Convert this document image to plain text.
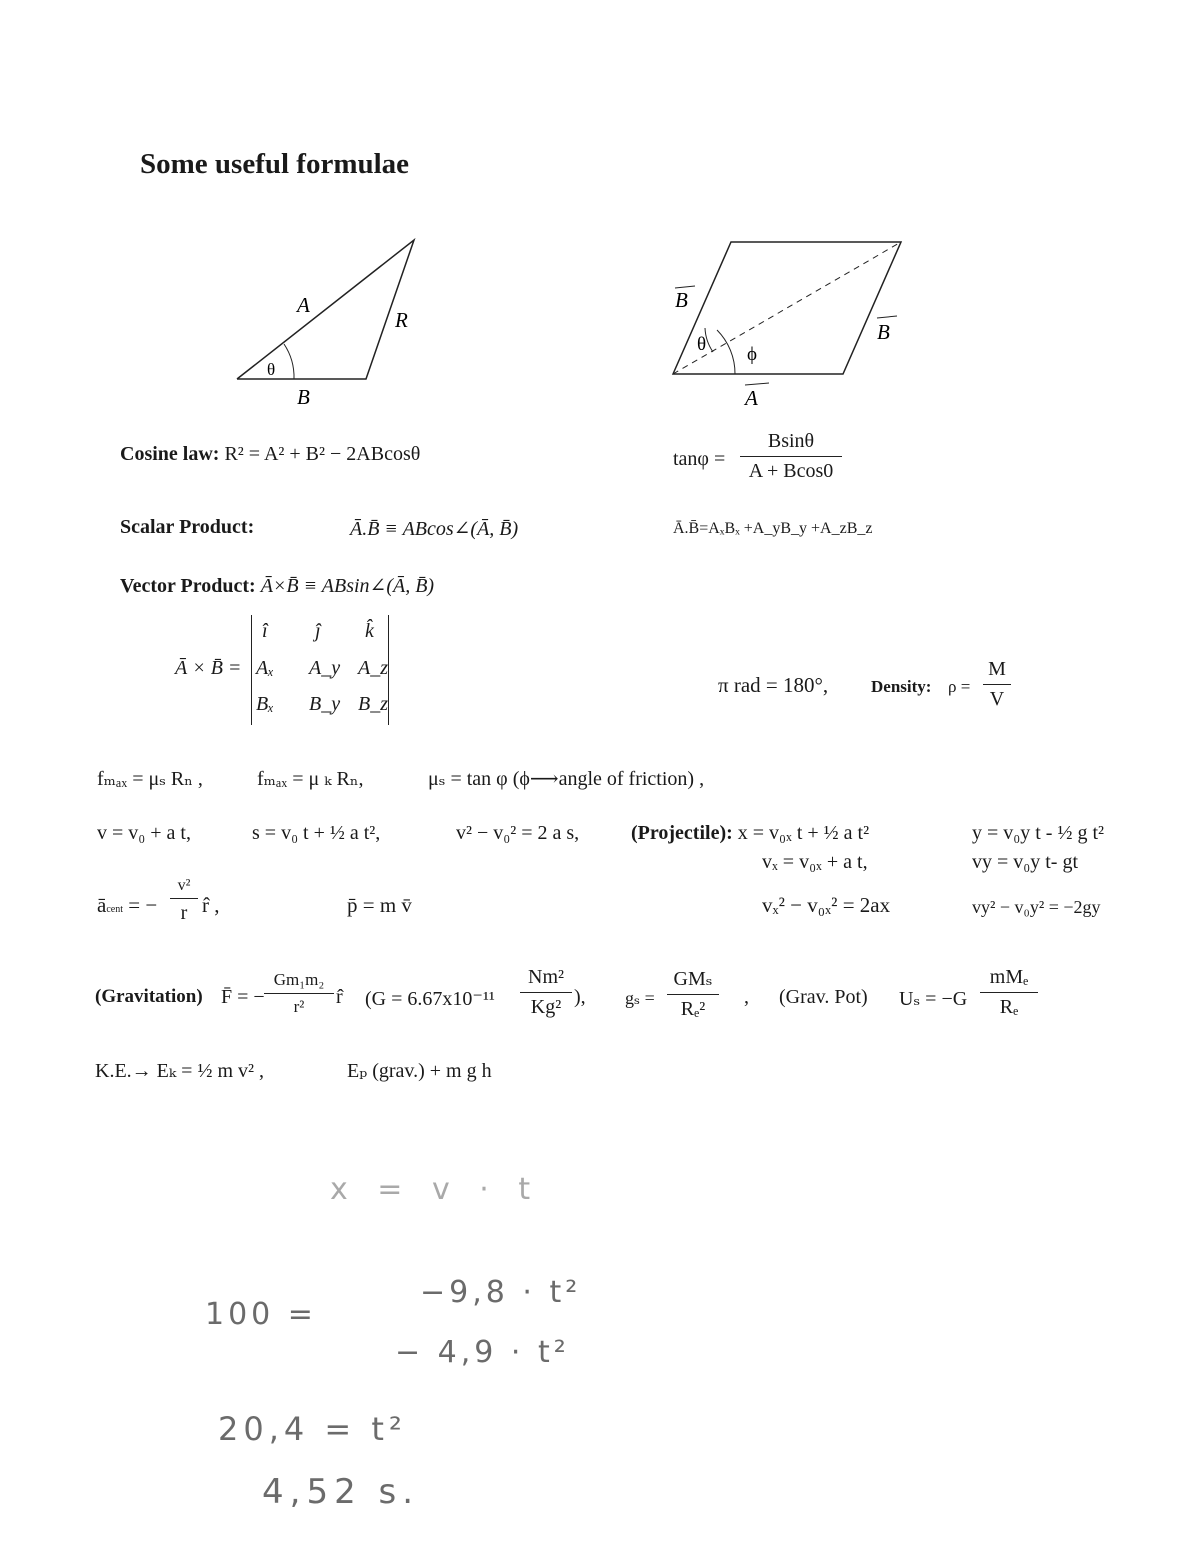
Some useful formulae
A
R
θ
B
B
B
θ ϕ
A
Cosine law: R² = A² + B² − 2ABcosθ	$\tan\varphi = \frac{Bsin\theta}{A + Bcos0}$
Scalar Product:	Ā.B̄ ≡ ABcos∠(Ā, B̄)	Ā.B̄=AₓBₓ +A_yB_y +A_zB_z
Vector Product: Ā×B̄ ≡ ABsin∠(Ā, B̄)
Ā × B̄ =
î ĵ k̂
Aₓ A_y A_z
Bₓ B_y B_z
π rad = 180°,	Density: $\rho = \frac{M}{V}$
fₘₐₓ = μₛ Rₙ ,	fₘₐₓ = μ ₖ Rₙ,	μₛ = tan φ (ϕ⟶angle of friction) ,
v = v₀ + a t,	s = v₀ t + ½ a t²,	v² − v₀² = 2 a s,	(Projectile): x = v₀ₓ t + ½ a t²	y = v₀y t - ½ g t²
vₓ = v₀ₓ + a t,	vy = v₀y t- gt
ācent = −
v²
r r̂ ,	p̄ = m v̄	vₓ² − v₀ₓ² = 2ax	vy² − v₀y² = −2gy
(Gravitation) F̄ = − $\frac{\text{Gm₁m₂}}{\text{r²}}$ r̂ ($G = 6.67x10^{-11} \frac{\text{Nm²}}{\text{Kg²}}$ ), gₛ =
GMₛ
Rₑ²
, (Grav. Pot) Uₛ = −G
mMₑ
Rₑ
K.E.→ Eₖ = ½ m v² ,	Eₚ (grav.) + m g h
x = v · t
100 =
−9,8 · t²
− 4,9 · t²
20,4 = t²
4,52 s.
